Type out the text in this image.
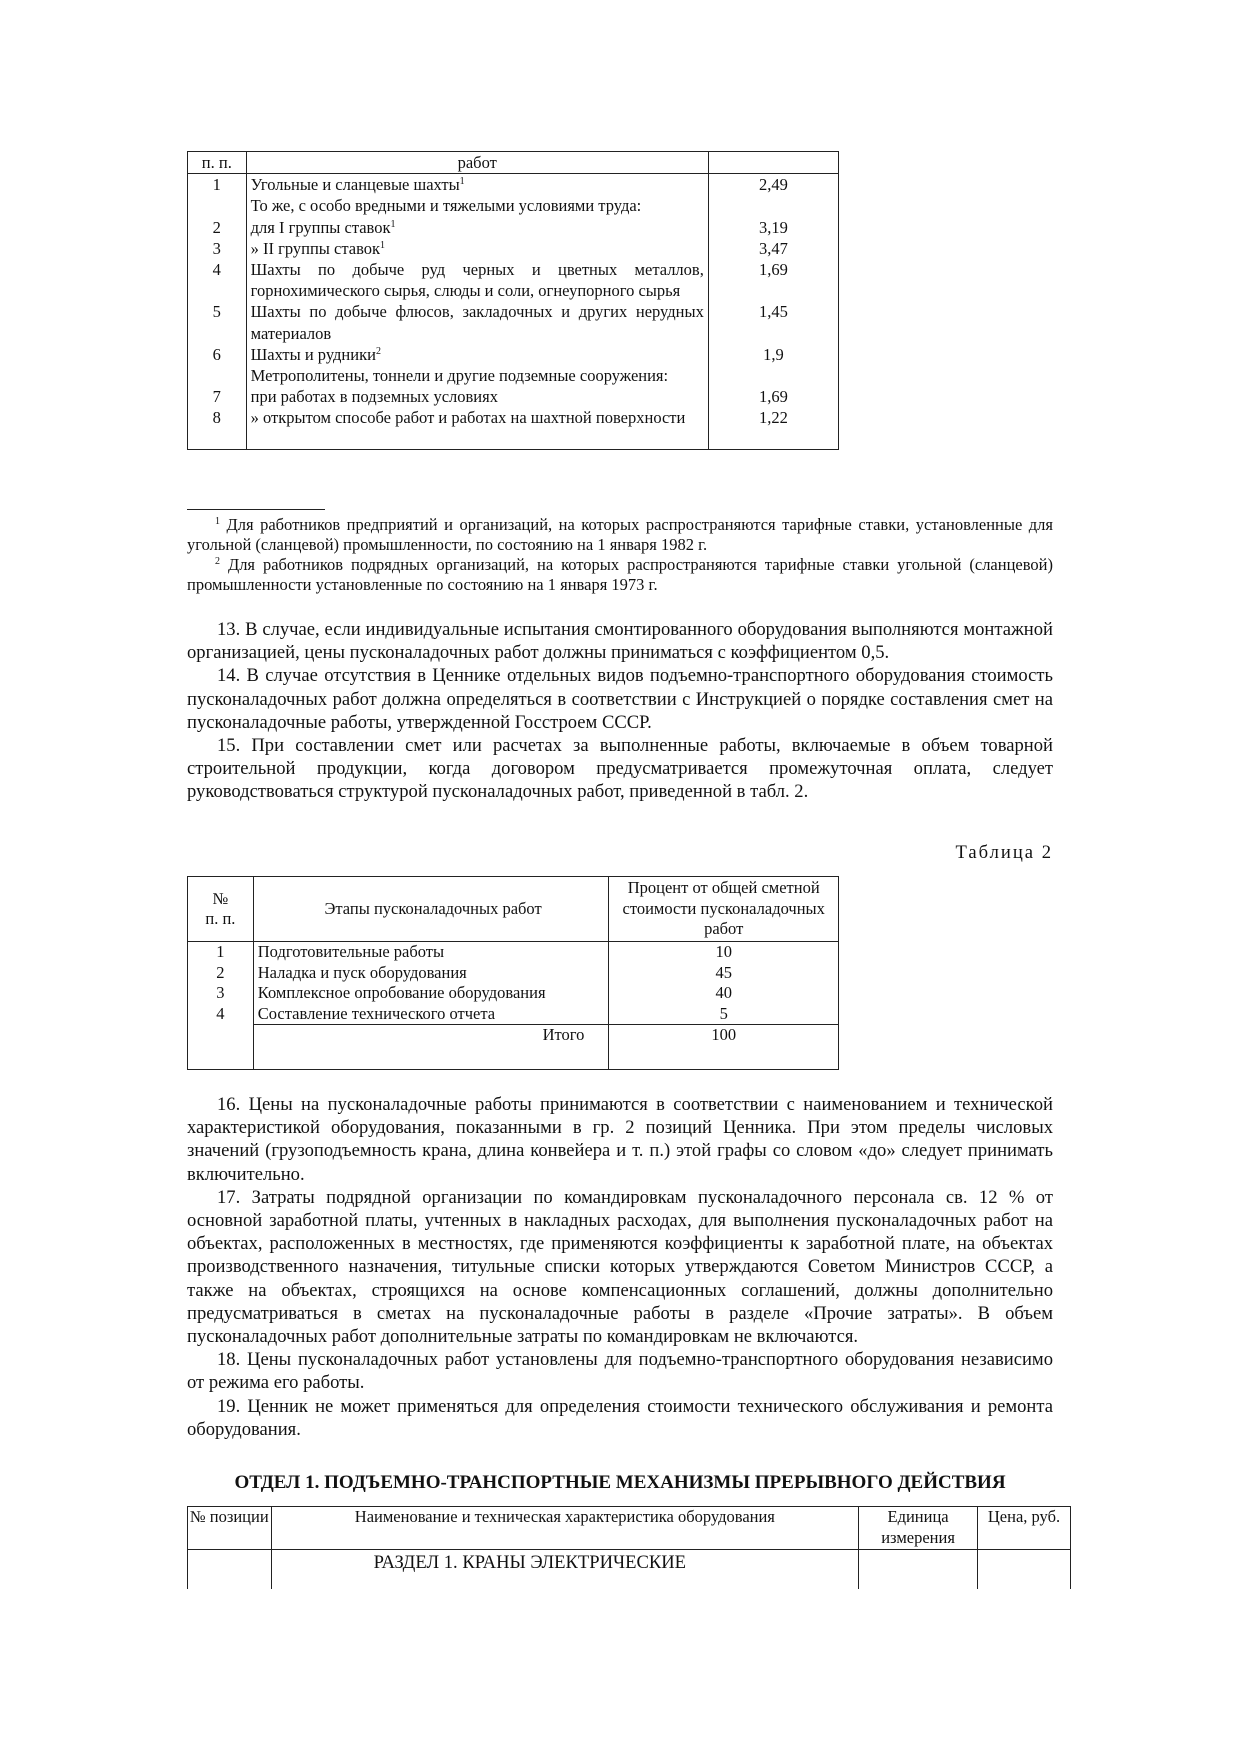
п. п.	работ	
1	Угольные и сланцевые шахты$^1$	2,49
	То же, с особо вредными и тяжелыми условиями труда:	
2	для I группы ставок$^1$	3,19
3	» II группы ставок$^1$	3,47
4	Шахты по добыче руд черных и цветных металлов, горнохимического сырья, слюды и соли, огнеупорного сырья	1,69
5	Шахты по добыче флюсов, закладочных и других нерудных материалов	1,45
6	Шахты и рудники$^2$	1,9
	Метрополитены, тоннели и другие подземные сооружения:	
7	при работах в подземных условиях	1,69
8	» открытом способе работ и работах на шахтной поверхности	1,22

$^1$ Для работников предприятий и организаций, на которых распространяются тарифные ставки, установленные для угольной (сланцевой) промышленности, по состоянию на 1 января 1982 г.

$^2$ Для работников подрядных организаций, на которых распространяются тарифные ставки угольной (сланцевой) промышленности установленные по состоянию на 1 января 1973 г.

13. В случае, если индивидуальные испытания смонтированного оборудования выполняются монтажной организацией, цены пусконаладочных работ должны приниматься с коэффициентом 0,5.

14. В случае отсутствия в Ценнике отдельных видов подъемно-транспортного оборудования стоимость пусконаладочных работ должна определяться в соответствии с Инструкцией о порядке составления смет на пусконаладочные работы, утвержденной Госстроем СССР.

15. При составлении смет или расчетах за выполненные работы, включаемые в объем товарной строительной продукции, когда договором предусматривается промежуточная оплата, следует руководствоваться структурой пусконаладочных работ, приведенной в табл. 2.

Таблица 2
№
п. п.	Этапы пусконаладочных работ	Процент от общей сметной стоимости пусконаладочных работ
1	Подготовительные работы	10
2	Наладка и пуск оборудования	45
3	Комплексное опробование оборудования	40
4	Составление технического отчета	5
	Итого	100

16. Цены на пусконаладочные работы принимаются в соответствии с наименованием и технической характеристикой оборудования, показанными в гр. 2 позиций Ценника. При этом пределы числовых значений (грузоподъемность крана, длина конвейера и т. п.) этой графы со словом «до» следует принимать включительно.

17. Затраты подрядной организации по командировкам пусконаладочного персонала св. 12 % от основной заработной платы, учтенных в накладных расходах, для выполнения пусконаладочных работ на объектах, расположенных в местностях, где применяются коэффициенты к заработной плате, на объектах производственного назначения, титульные списки которых утверждаются Советом Министров СССР, а также на объектах, строящихся на основе компенсационных соглашений, должны дополнительно предусматриваться в сметах на пусконаладочные работы в разделе «Прочие затраты». В объем пусконаладочных работ дополнительные затраты по командировкам не включаются.

18. Цены пусконаладочных работ установлены для подъемно-транспортного оборудования независимо от режима его работы.

19. Ценник не может применяться для определения стоимости технического обслуживания и ремонта оборудования.

ОТДЕЛ 1. ПОДЪЕМНО-ТРАНСПОРТНЫЕ МЕХАНИЗМЫ ПРЕРЫВНОГО ДЕЙСТВИЯ
№ позиции	Наименование и техническая характеристика оборудования	Единица измерения	Цена, руб.
	РАЗДЕЛ 1. КРАНЫ ЭЛЕКТРИЧЕСКИЕ		
